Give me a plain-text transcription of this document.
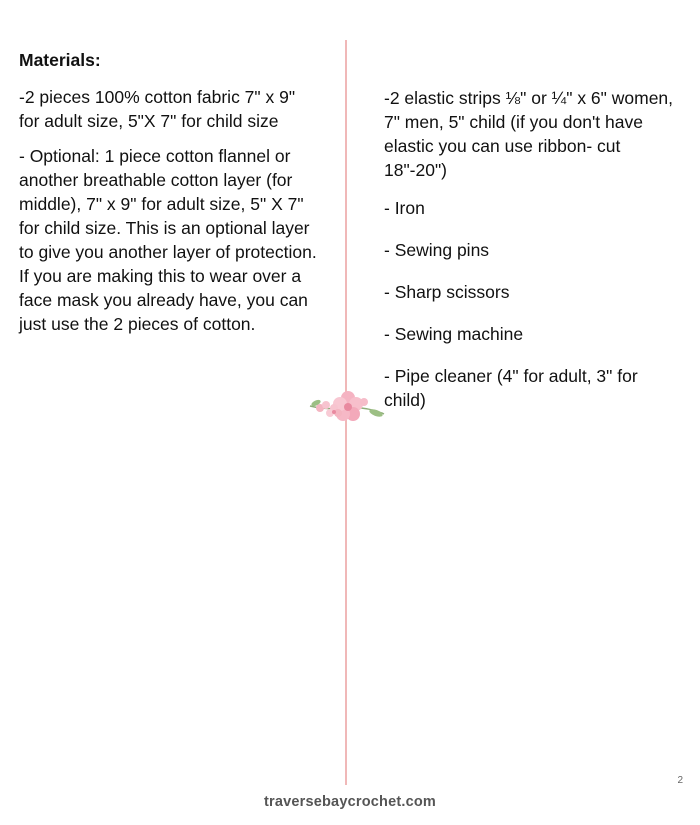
Materials:

-2 pieces 100% cotton fabric 7" x 9" for adult size, 5"X 7" for child size

- Optional: 1 piece cotton flannel or another breathable cotton layer (for middle), 7" x 9" for adult size, 5" X 7" for child size. This is an optional layer to give you another layer of protection. If you are making this to wear over a face mask you already have, you can just use the 2 pieces of cotton.

-2 elastic strips ⅛" or ¼" x 6" women, 7" men, 5" child (if you don't have elastic you can use ribbon- cut 18"-20")

- Iron

- Sewing pins

- Sharp scissors

- Sewing machine

- Pipe cleaner (4" for adult, 3" for child)

2
traversebaycrochet.com
